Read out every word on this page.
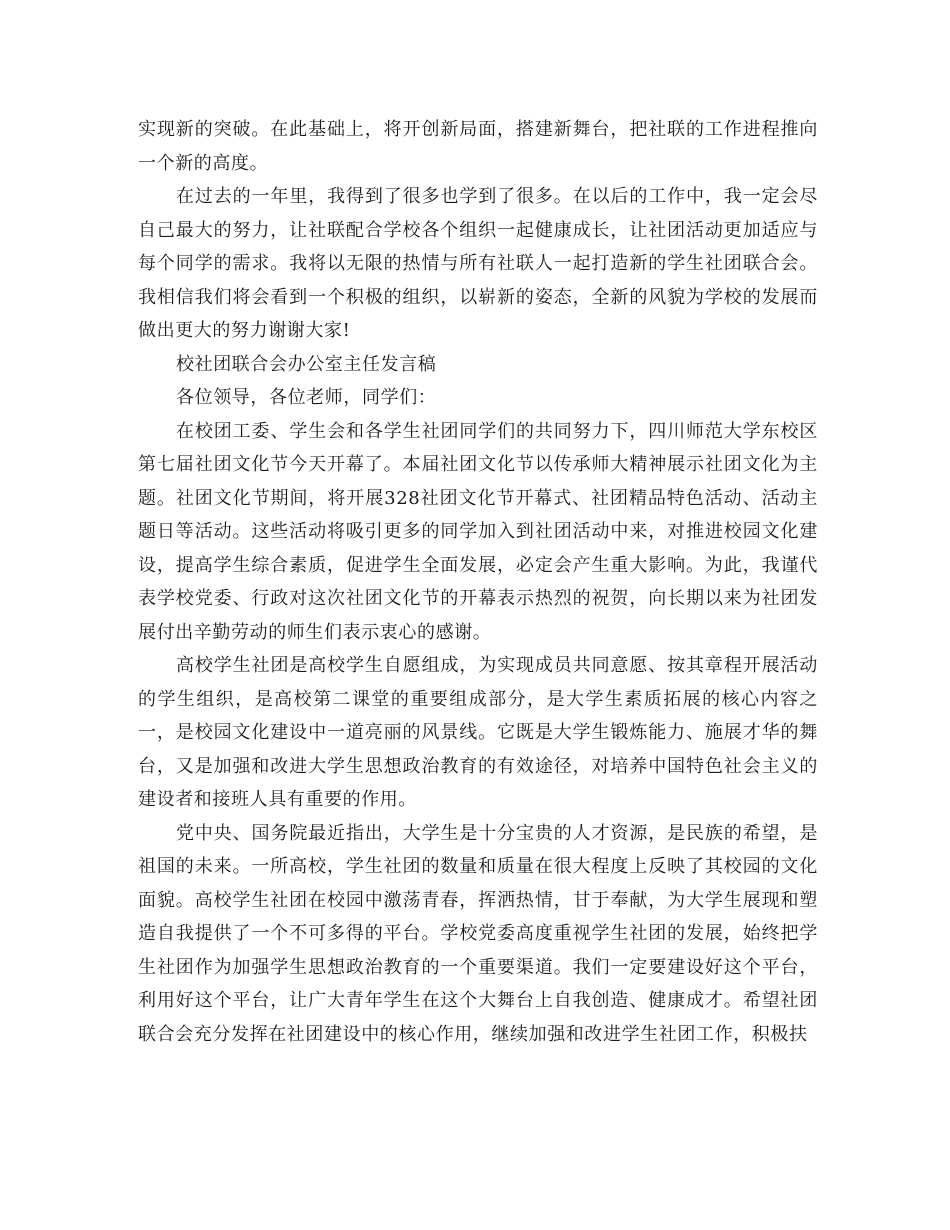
实现新的突破。在此基础上，将开创新局面，搭建新舞台，把社联的工作进程推向一个新的高度。

在过去的一年里，我得到了很多也学到了很多。在以后的工作中，我一定会尽自己最大的努力，让社联配合学校各个组织一起健康成长，让社团活动更加适应与每个同学的需求。我将以无限的热情与所有社联人一起打造新的学生社团联合会。我相信我们将会看到一个积极的组织，以崭新的姿态，全新的风貌为学校的发展而做出更大的努力谢谢大家!

校社团联合会办公室主任发言稿

各位领导，各位老师，同学们：

在校团工委、学生会和各学生社团同学们的共同努力下，四川师范大学东校区第七届社团文化节今天开幕了。本届社团文化节以传承师大精神展示社团文化为主题。社团文化节期间，将开展328社团文化节开幕式、社团精品特色活动、活动主题日等活动。这些活动将吸引更多的同学加入到社团活动中来，对推进校园文化建设，提高学生综合素质，促进学生全面发展，必定会产生重大影响。为此，我谨代表学校党委、行政对这次社团文化节的开幕表示热烈的祝贺，向长期以来为社团发展付出辛勤劳动的师生们表示衷心的感谢。

高校学生社团是高校学生自愿组成，为实现成员共同意愿、按其章程开展活动的学生组织，是高校第二课堂的重要组成部分，是大学生素质拓展的核心内容之一，是校园文化建设中一道亮丽的风景线。它既是大学生锻炼能力、施展才华的舞台，又是加强和改进大学生思想政治教育的有效途径，对培养中国特色社会主义的建设者和接班人具有重要的作用。

党中央、国务院最近指出，大学生是十分宝贵的人才资源，是民族的希望，是祖国的未来。一所高校，学生社团的数量和质量在很大程度上反映了其校园的文化面貌。高校学生社团在校园中激荡青春，挥洒热情，甘于奉献，为大学生展现和塑造自我提供了一个不可多得的平台。学校党委高度重视学生社团的发展，始终把学生社团作为加强学生思想政治教育的一个重要渠道。我们一定要建设好这个平台，利用好这个平台，让广大青年学生在这个大舞台上自我创造、健康成才。希望社团联合会充分发挥在社团建设中的核心作用，继续加强和改进学生社团工作，积极扶
